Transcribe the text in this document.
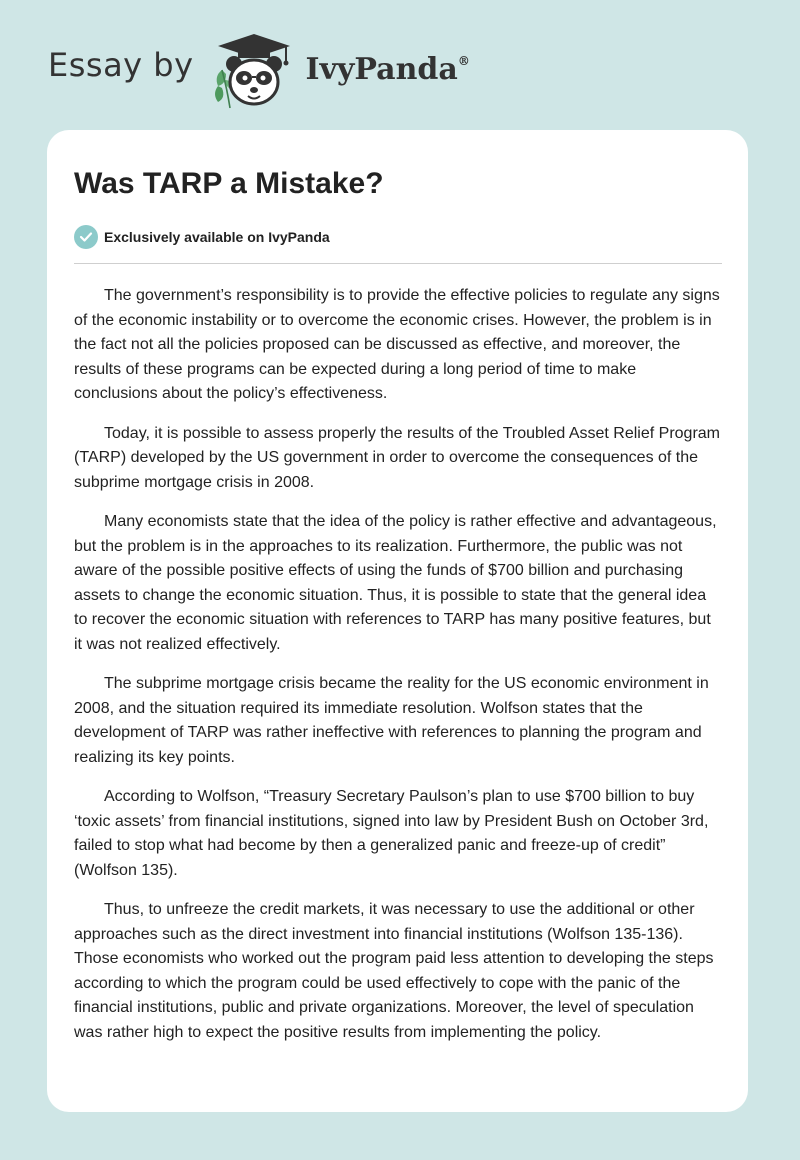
Essay by	IvyPanda®
Was TARP a Mistake?
Exclusively available on IvyPanda

The government’s responsibility is to provide the effective policies to regulate any signs of the economic instability or to overcome the economic crises. However, the problem is in the fact not all the policies proposed can be discussed as effective, and moreover, the results of these programs can be expected during a long period of time to make conclusions about the policy’s effectiveness.

Today, it is possible to assess properly the results of the Troubled Asset Relief Program (TARP) developed by the US government in order to overcome the consequences of the subprime mortgage crisis in 2008.

Many economists state that the idea of the policy is rather effective and advantageous, but the problem is in the approaches to its realization. Furthermore, the public was not aware of the possible positive effects of using the funds of $700 billion and purchasing assets to change the economic situation. Thus, it is possible to state that the general idea to recover the economic situation with references to TARP has many positive features, but it was not realized effectively.

The subprime mortgage crisis became the reality for the US economic environment in 2008, and the situation required its immediate resolution. Wolfson states that the development of TARP was rather ineffective with references to planning the program and realizing its key points.

According to Wolfson, “Treasury Secretary Paulson’s plan to use $700 billion to buy ‘toxic assets’ from financial institutions, signed into law by President Bush on October 3rd, failed to stop what had become by then a generalized panic and freeze-up of credit” (Wolfson 135).

Thus, to unfreeze the credit markets, it was necessary to use the additional or other approaches such as the direct investment into financial institutions (Wolfson 135-136). Those economists who worked out the program paid less attention to developing the steps according to which the program could be used effectively to cope with the panic of the financial institutions, public and private organizations. Moreover, the level of speculation was rather high to expect the positive results from implementing the policy.
